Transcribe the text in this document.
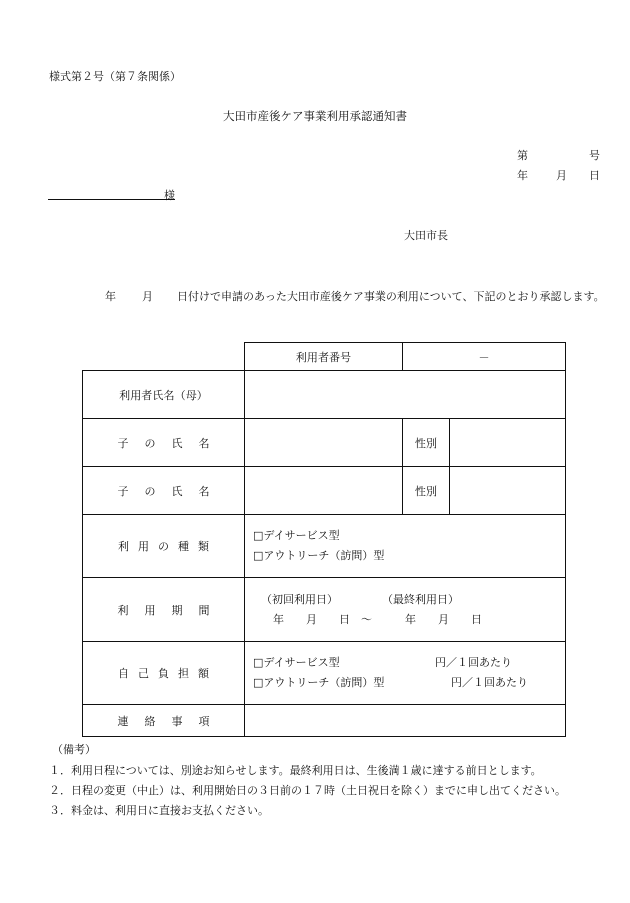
様式第２号（第７条関係）
大田市産後ケア事業利用承認通知書
第	号
年	月 日
様
大田市長
年 月 日付けで申請のあった大田市産後ケア事業の利用について、下記のとおり承認します。
	利用者番号	－	
利用者氏名（母）			
子の氏名		性別	
子の氏名		性別	
利用の種類	□デイサービス型
□アウトリーチ（訪問）型		

利用期間	（初回利用日） （最終利用日）
年　　月　　日　～　　　年　　月　　日		

自己負担額	□デイサービス型 円／１回あたり
□アウトリーチ（訪問）型 円／１回あたり		

連絡事項			
（備考）
１．利用日程については、別途お知らせします。最終利用日は、生後満１歳に達する前日とします。
２．日程の変更（中止）は、利用開始日の３日前の１７時（土日祝日を除く）までに申し出てください。
３．料金は、利用日に直接お支払ください。
